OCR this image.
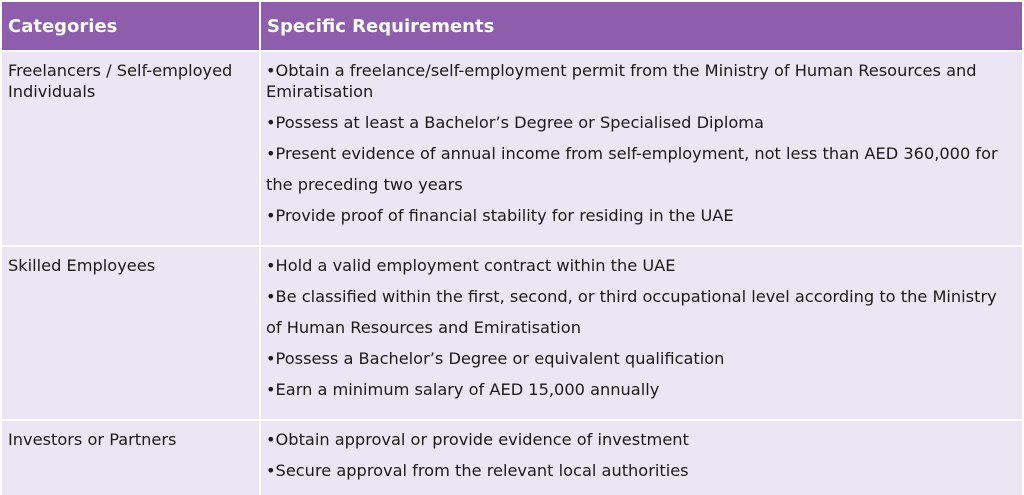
Categories	Specific Requirements
Freelancers / Self-employed Individuals	•Obtain a freelance/self-employment permit from the Ministry of Human Resources and Emiratisation
•Possess at least a Bachelor’s Degree or Specialised Diploma
•Present evidence of annual income from self-employment, not less than AED 360,000 for the preceding two years
•Provide proof of financial stability for residing in the UAE

Skilled Employees	•Hold a valid employment contract within the UAE
•Be classified within the first, second, or third occupational level according to the Ministry of Human Resources and Emiratisation
•Possess a Bachelor’s Degree or equivalent qualification
•Earn a minimum salary of AED 15,000 annually

Investors or Partners	•Obtain approval or provide evidence of investment
•Secure approval from the relevant local authorities
